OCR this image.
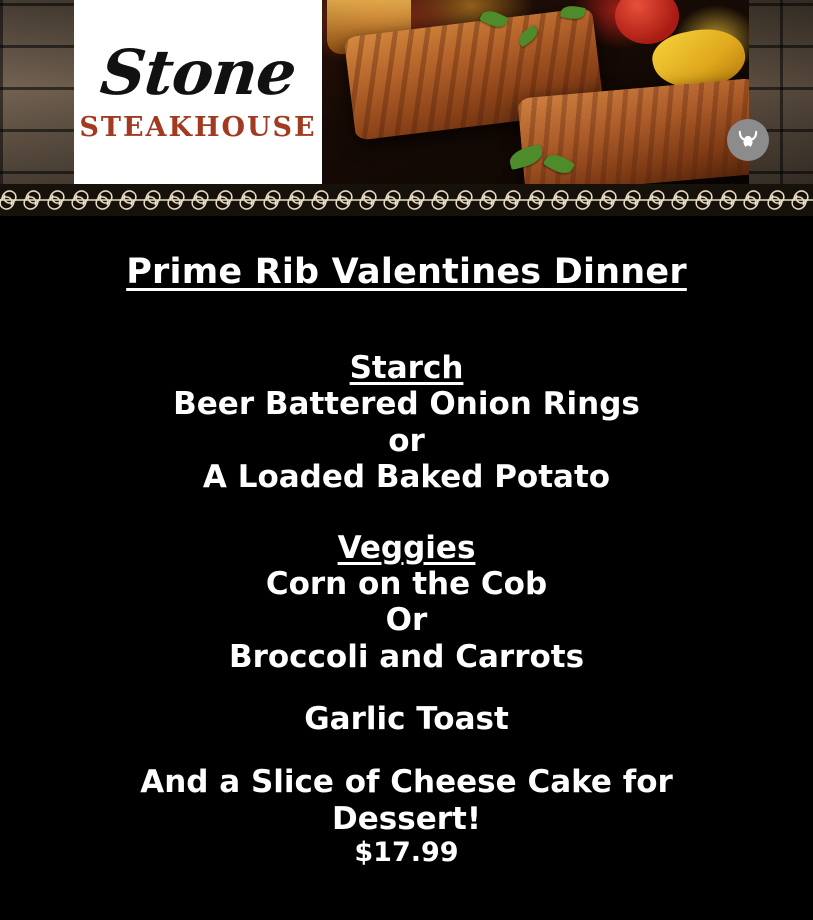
Stone
STEAKHOUSE
Prime Rib Valentines Dinner
Starch
Beer Battered Onion Rings
or
A Loaded Baked Potato
Veggies
Corn on the Cob
Or
Broccoli and Carrots
Garlic Toast
And a Slice of Cheese Cake for
Dessert!
$17.99
